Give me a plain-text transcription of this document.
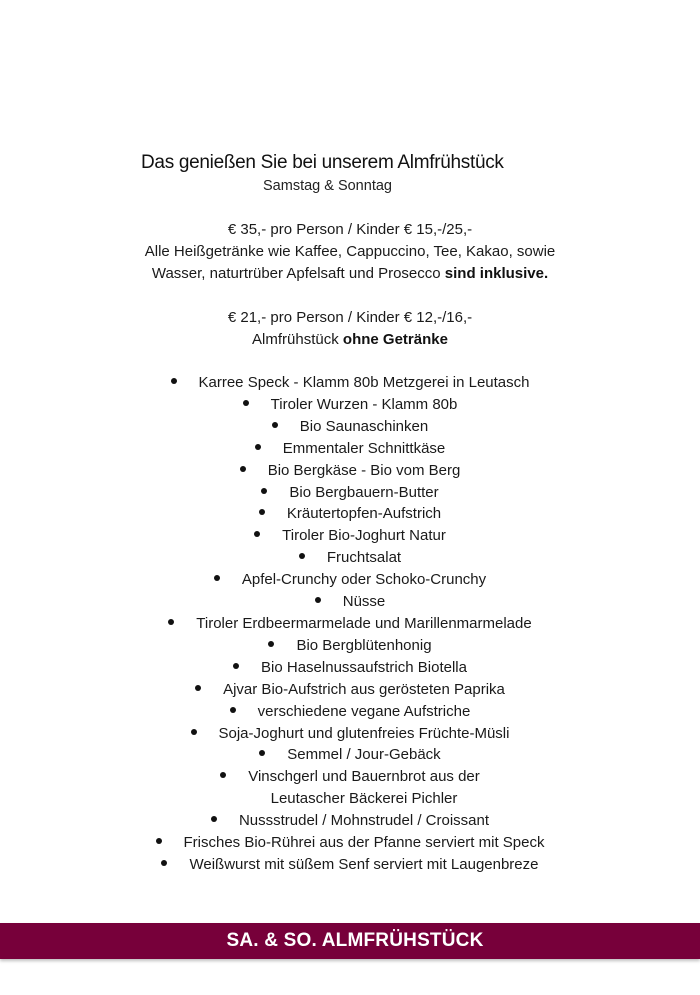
Das genießen Sie bei unserem Almfrühstück
Samstag & Sonntag
€ 35,- pro Person / Kinder € 15,-/25,-
Alle Heißgetränke wie Kaffee, Cappuccino, Tee, Kakao, sowie
Wasser, naturtrüber Apfelsaft und Prosecco sind inklusive.
€ 21,- pro Person / Kinder € 12,-/16,-
Almfrühstück ohne Getränke
Karree Speck - Klamm 80b Metzgerei in Leutasch
Tiroler Wurzen - Klamm 80b
Bio Saunaschinken
Emmentaler Schnittkäse
Bio Bergkäse - Bio vom Berg
Bio Bergbauern-Butter
Kräutertopfen-Aufstrich
Tiroler Bio-Joghurt Natur
Fruchtsalat
Apfel-Crunchy oder Schoko-Crunchy
Nüsse
Tiroler Erdbeermarmelade und Marillenmarmelade
Bio Bergblütenhonig
Bio Haselnussaufstrich Biotella
Ajvar Bio-Aufstrich aus gerösteten Paprika
verschiedene vegane Aufstriche
Soja-Joghurt und glutenfreies Früchte-Müsli
Semmel / Jour-Gebäck
Vinschgerl und Bauernbrot aus der
Leutascher Bäckerei Pichler
Nussstrudel / Mohnstrudel / Croissant
Frisches Bio-Rührei aus der Pfanne serviert mit Speck
Weißwurst mit süßem Senf serviert mit Laugenbreze
SA. & SO. ALMFRÜHSTÜCK
